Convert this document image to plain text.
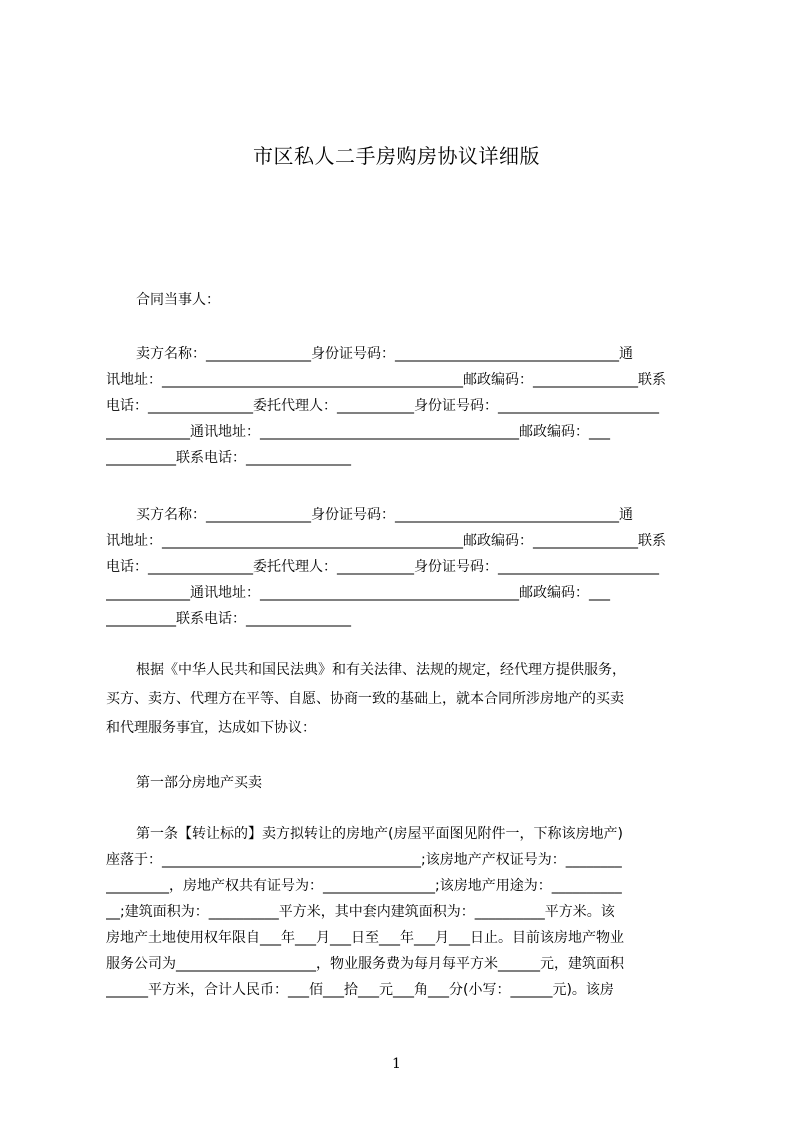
市区私人二手房购房协议详细版
合同当事人：
卖方名称：_______________身份证号码：________________________________通
讯地址：___________________________________________邮政编码：_______________联系
电话：_______________委托代理人：___________身份证号码：_______________________
____________通讯地址：_____________________________________邮政编码：___
__________联系电话：_______________
买方名称：_______________身份证号码：________________________________通
讯地址：___________________________________________邮政编码：_______________联系
电话：_______________委托代理人：___________身份证号码：_______________________
____________通讯地址：_____________________________________邮政编码：___
__________联系电话：_______________
根据《中华人民共和国民法典》和有关法律、法规的规定，经代理方提供服务，
买方、卖方、代理方在平等、自愿、协商一致的基础上，就本合同所涉房地产的买卖
和代理服务事宜，达成如下协议：
第一部分房地产买卖
第一条【转让标的】卖方拟转让的房地产(房屋平面图见附件一，下称该房地产)
座落于：_____________________________________;该房地产产权证号为：________
_________，房地产权共有证号为：________________;该房地产用途为：__________
__;建筑面积为：__________平方米，其中套内建筑面积为：__________平方米。该
房地产土地使用权年限自___年___月___日至___年___月___日止。目前该房地产物业
服务公司为____________________，物业服务费为每月每平方米______元，建筑面积
______平方米，合计人民币：___佰___拾___元___角___分(小写：______元)。该房
1
